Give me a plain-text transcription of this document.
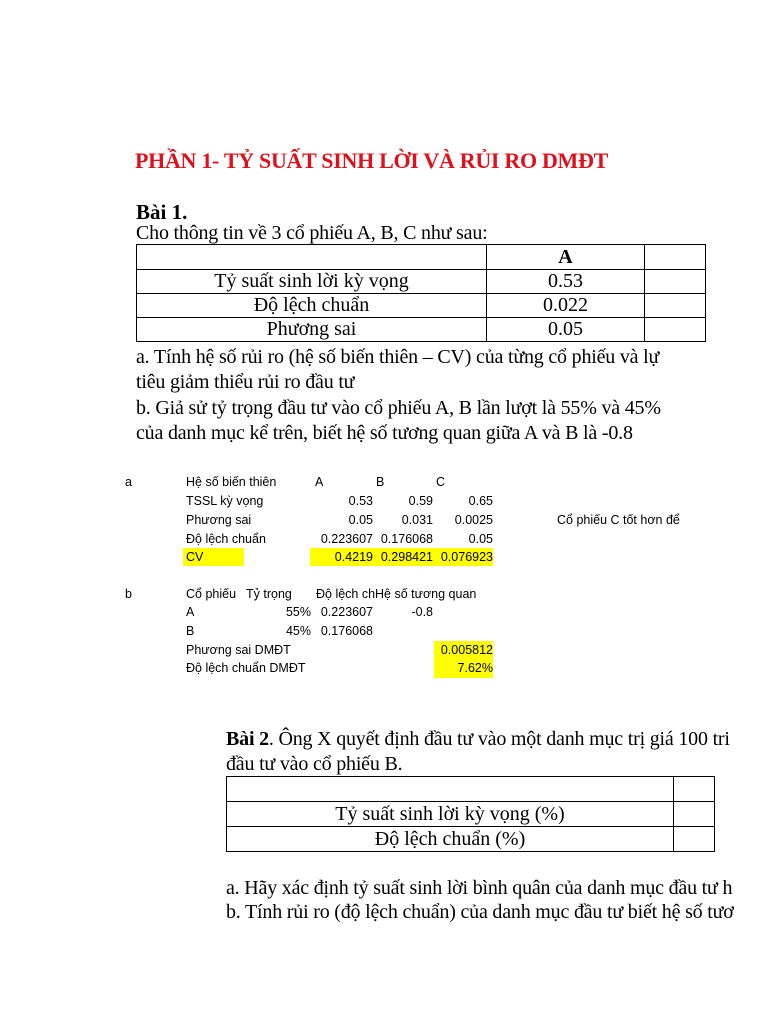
PHẦN 1- TỶ SUẤT SINH LỜI VÀ RỦI RO DMĐT
Bài 1.
Cho thông tin về 3 cổ phiếu A, B, C như sau:
	A	
Tỷ suất sinh lời kỳ vọng	0.53	
Độ lệch chuẩn	0.022	
Phương sai	0.05	
a. Tính hệ số rủi ro (hệ số biến thiên – CV) của từng cổ phiếu và lự
tiêu giảm thiểu rủi ro đầu tư
b. Giả sử tỷ trọng đầu tư vào cổ phiếu A, B lần lượt là 55% và 45%
của danh mục kể trên, biết hệ số tương quan giữa A và B là -0.8
a	Hệ số biến thiên	A	B	C
TSSL kỳ vọng	0.53	0.59	0.65
Phương sai	0.05	0.031	0.0025	Cổ phiếu C tốt hơn để
Độ lệch chuẩn	0.223607 0.176068	0.05
CV	0.4219 0.298421 0.076923
b	Cổ phiếu Tỷ trọng Độ lệch ch Hệ số tương quan
A	55% 0.223607	-0.8
B	45% 0.176068
Phương sai DMĐT	0.005812
Độ lệch chuẩn DMĐT	7.62%
Bài 2. Ông X quyết định đầu tư vào một danh mục trị giá 100 tri
đầu tư vào cổ phiếu B.

Tỷ suất sinh lời kỳ vọng (%)	
Độ lệch chuẩn (%)	
a. Hãy xác định tỷ suất sinh lời bình quân của danh mục đầu tư h
b. Tính rủi ro (độ lệch chuẩn) của danh mục đầu tư biết hệ số tươ
